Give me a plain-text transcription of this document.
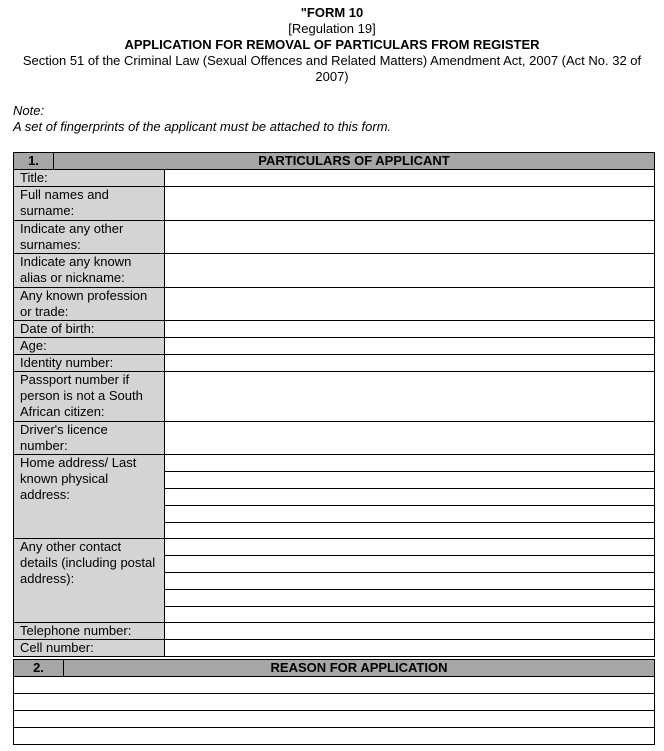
"FORM 10
[Regulation 19]
APPLICATION FOR REMOVAL OF PARTICULARS FROM REGISTER
Section 51 of the Criminal Law (Sexual Offences and Related Matters) Amendment Act, 2007 (Act No. 32 of 2007)
Note:
A set of fingerprints of the applicant must be attached to this form.
1.	PARTICULARS OF APPLICANT	
Title:		
Full names and surname:		
Indicate any other surnames:		
Indicate any known alias or nickname:		
Any known profession or trade:		
Date of birth:		
Age:		
Identity number:		
Passport number if person is not a South African citizen:		
Driver's licence number:		
Home address/ Last known physical address:		

Any other contact details (including postal address):		

Telephone number:		
Cell number:		
2.	REASON FOR APPLICATION
